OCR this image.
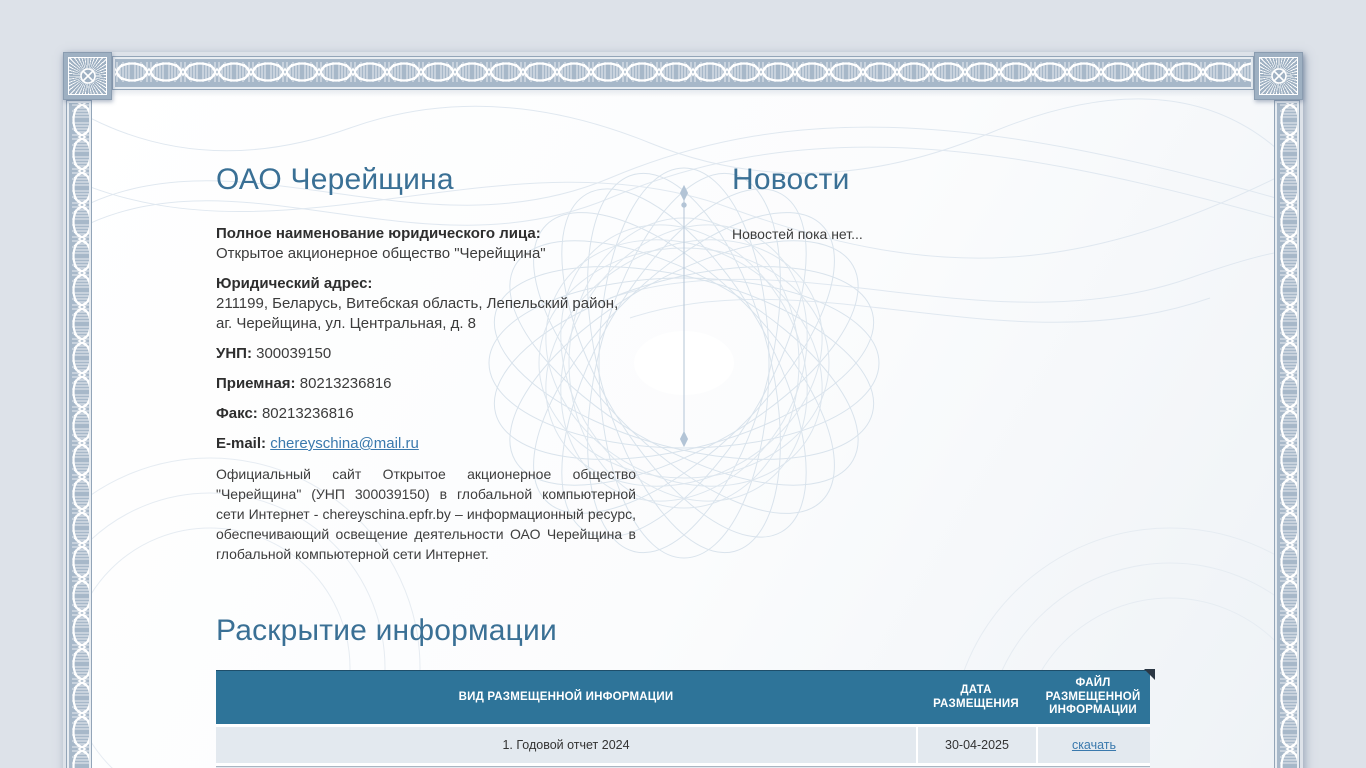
ОАО Черейщина

Полное наименование юридического лица:
Открытое акционерное общество "Черейщина"

Юридический адрес:
211199, Беларусь, Витебская область, Лепельский район, аг. Черейщина, ул. Центральная, д. 8

УНП: 300039150

Приемная: 80213236816

Факс: 80213236816

E-mail: chereyschina@mail.ru

Официальный сайт Открытое акционерное общество "Черейщина" (УНП 300039150) в глобальной компьютерной сети Интернет - chereyschina.epfr.by – информационный ресурс, обеспечивающий освещение деятельности ОАО Черейщина в глобальной компьютерной сети Интернет.

Новости

Новостей пока нет...

Раскрытие информации
ВИД РАЗМЕЩЕННОЙ ИНФОРМАЦИИ
ДАТА РАЗМЕЩЕНИЯ
ФАЙЛ РАЗМЕЩЕННОЙ ИНФОРМАЦИИ
1. Годовой отчет 2024	30-04-2025	скачать
